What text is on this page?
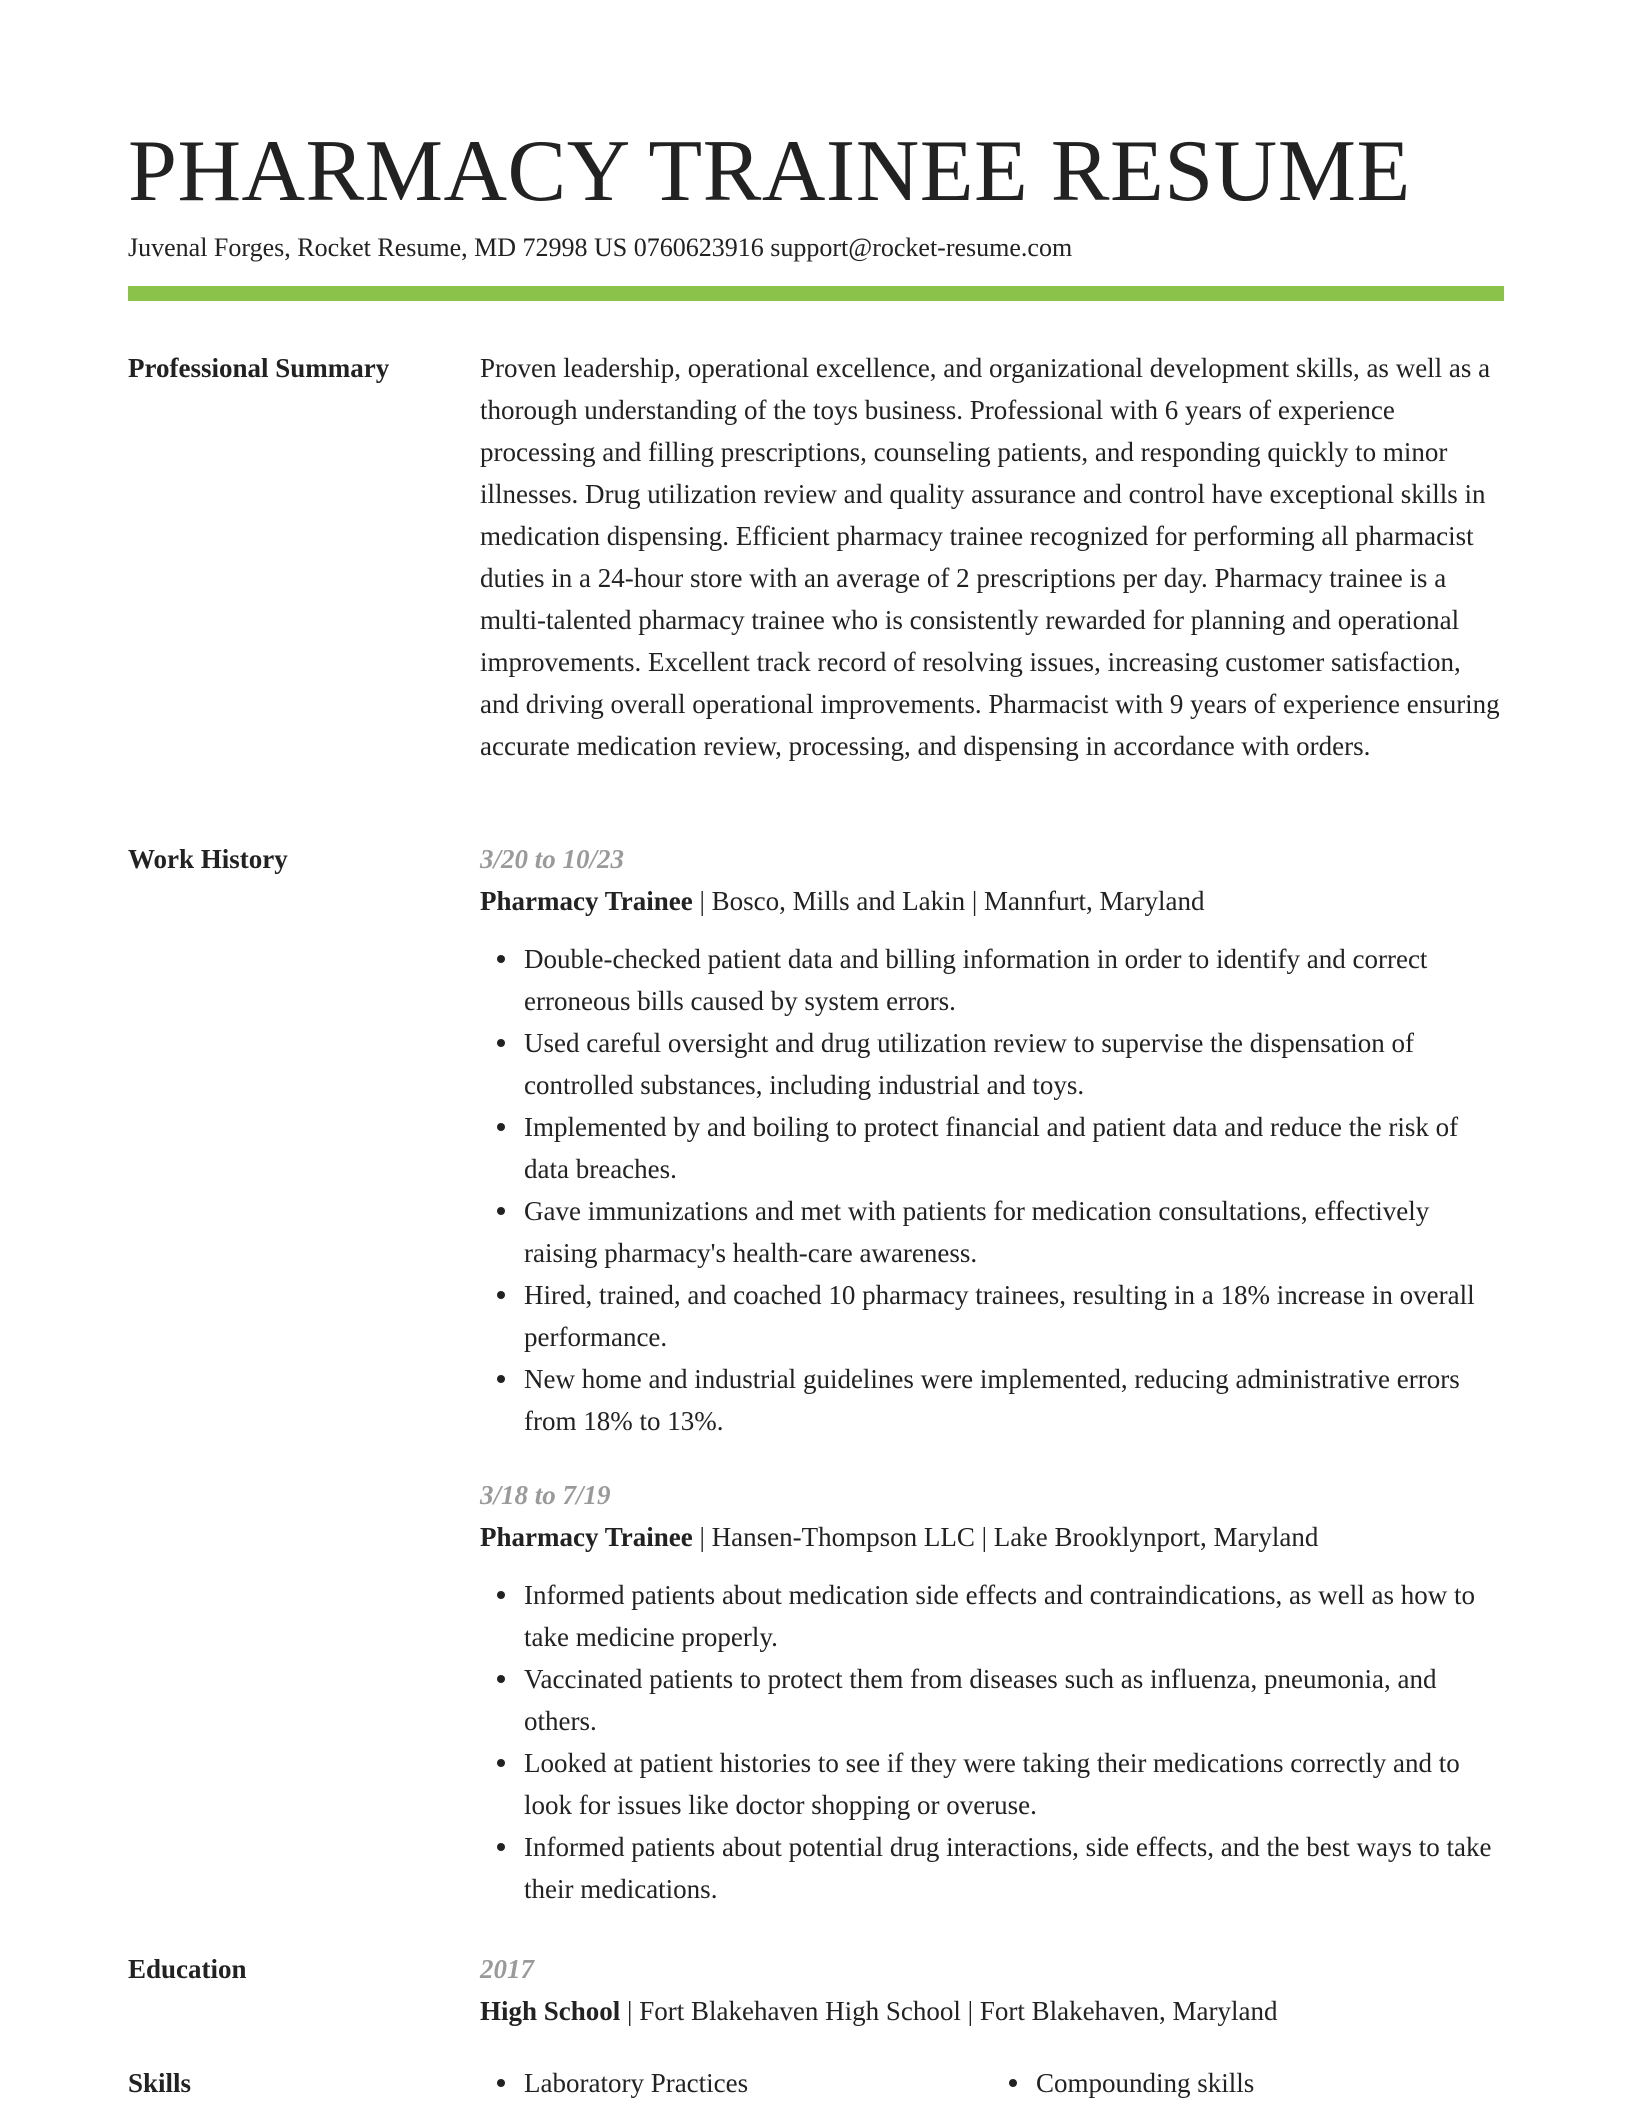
PHARMACY TRAINEE RESUME
Juvenal Forges, Rocket Resume, MD 72998 US 0760623916 support@rocket-resume.com
Professional Summary	Proven leadership, operational excellence, and organizational development skills, as well as a thorough understanding of the toys business. Professional with 6 years of experience processing and filling prescriptions, counseling patients, and responding quickly to minor illnesses. Drug utilization review and quality assurance and control have exceptional skills in medication dispensing. Efficient pharmacy trainee recognized for performing all pharmacist duties in a 24-hour store with an average of 2 prescriptions per day. Pharmacy trainee is a multi-talented pharmacy trainee who is consistently rewarded for planning and operational improvements. Excellent track record of resolving issues, increasing customer satisfaction, and driving overall operational improvements. Pharmacist with 9 years of experience ensuring accurate medication review, processing, and dispensing in accordance with orders.

Work History	3/20 to 10/23

Pharmacy Trainee | Bosco, Mills and Lakin | Mannfurt, Maryland

Double-checked patient data and billing information in order to identify and correct erroneous bills caused by system errors.
Used careful oversight and drug utilization review to supervise the dispensation of controlled substances, including industrial and toys.
Implemented by and boiling to protect financial and patient data and reduce the risk of data breaches.
Gave immunizations and met with patients for medication consultations, effectively raising pharmacy's health-care awareness.
Hired, trained, and coached 10 pharmacy trainees, resulting in a 18% increase in overall performance.
New home and industrial guidelines were implemented, reducing administrative errors from 18% to 13%.

3/18 to 7/19

Pharmacy Trainee | Hansen-Thompson LLC | Lake Brooklynport, Maryland

Informed patients about medication side effects and contraindications, as well as how to take medicine properly.
Vaccinated patients to protect them from diseases such as influenza, pneumonia, and others.
Looked at patient histories to see if they were taking their medications correctly and to look for issues like doctor shopping or overuse.
Informed patients about potential drug interactions, side effects, and the best ways to take their medications.
Education	2017

High School | Fort Blakehaven High School | Fort Blakehaven, Maryland

Skills	Laboratory Practices	Compounding skills
